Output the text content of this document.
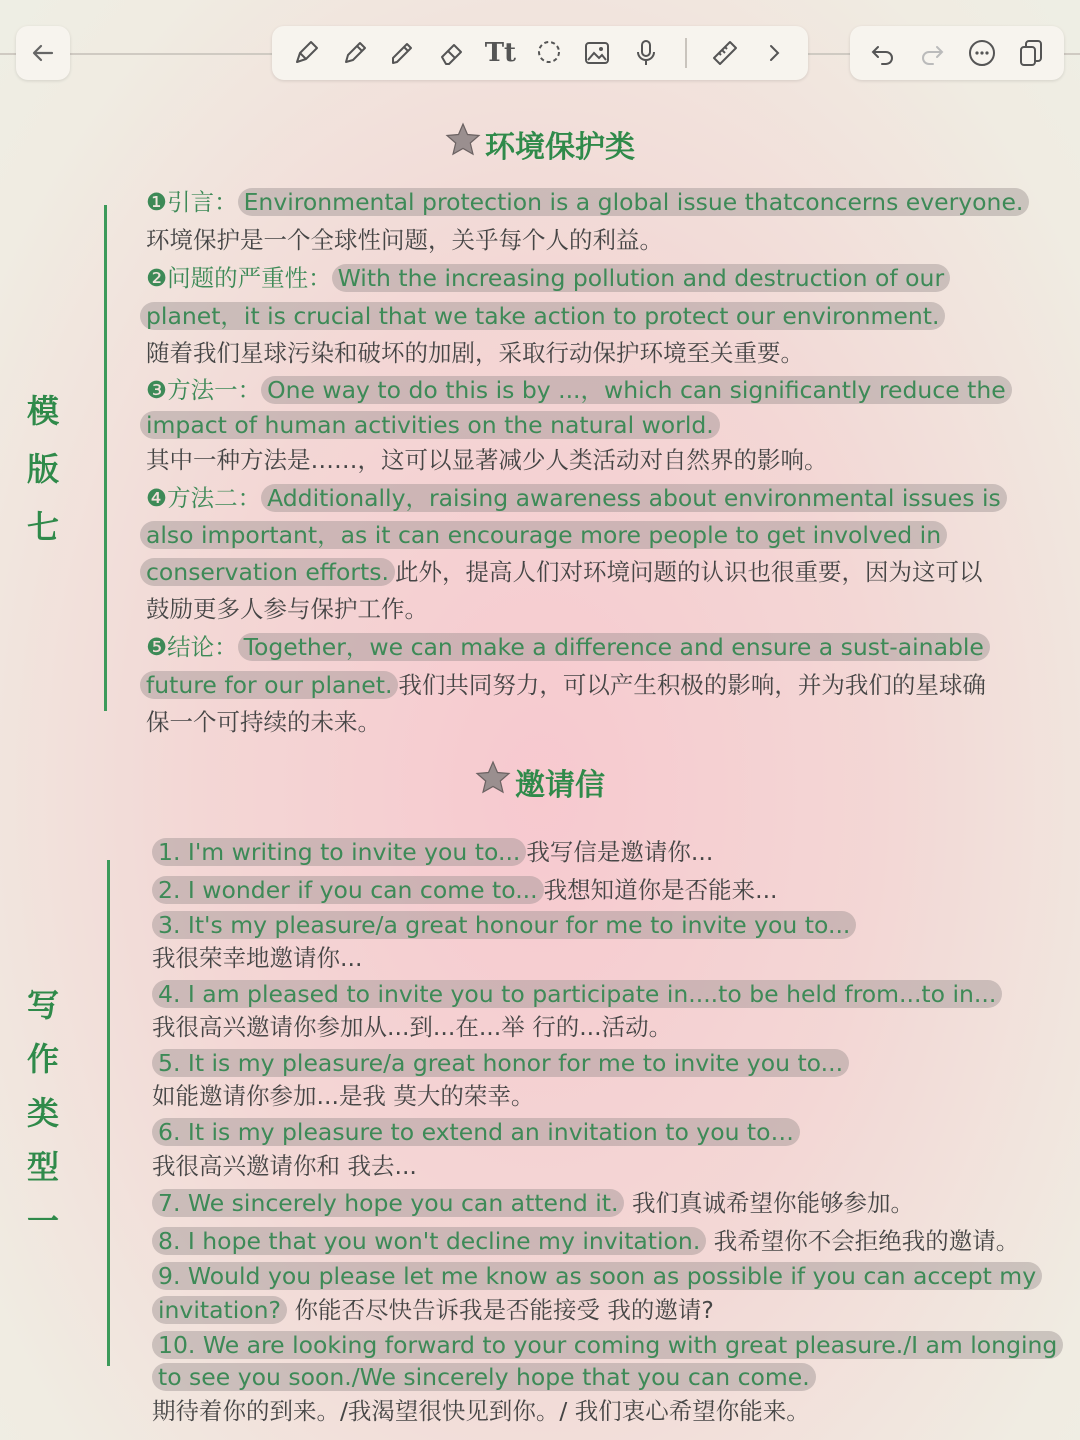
Tt
环境保护类
模
版
七
❶引言： Environmental protection is a global issue thatconcerns everyone.
环境保护是一个全球性问题，关乎每个人的利益。
❷问题的严重性： With the increasing pollution and destruction of our
planet，it is crucial that we take action to protect our environment.
随着我们星球污染和破坏的加剧，采取行动保护环境至关重要。
❸方法一： One way to do this is by ...，which can significantly reduce the
impact of human activities on the natural world.
其中一种方法是……，这可以显著减少人类活动对自然界的影响。
❹方法二： Additionally，raising awareness about environmental issues is
also important，as it can encourage more people to get involved in
conservation efforts. 此外，提高人们对环境问题的认识也很重要，因为这可以
鼓励更多人参与保护工作。
❺结论： Together，we can make a difference and ensure a sust-ainable
future for our planet. 我们共同努力，可以产生积极的影响，并为我们的星球确
保一个可持续的未来。
邀请信
写
作
类
型
一
1. I'm writing to invite you to... 我写信是邀请你...
2. I wonder if you can come to... 我想知道你是否能来...
3. It's my pleasure/a great honour for me to invite you to...
我很荣幸地邀请你...
4. I am pleased to invite you to participate in....to be held from...to in...
我很高兴邀请你参加从...到...在...举 行的...活动。
5. It is my pleasure/a great honor for me to invite you to...
如能邀请你参加...是我 莫大的荣幸。
6. It is my pleasure to extend an invitation to you to…
我很高兴邀请你和 我去...
7. We sincerely hope you can attend it. 我们真诚希望你能够参加。
8. I hope that you won't decline my invitation. 我希望你不会拒绝我的邀请。
9. Would you please let me know as soon as possible if you can accept my
invitation? 你能否尽快告诉我是否能接受 我的邀请?
10. We are looking forward to your coming with great pleasure./I am longing
to see you soon./We sincerely hope that you can come.
期待着你的到来。/我渴望很快见到你。/ 我们衷心希望你能来。
